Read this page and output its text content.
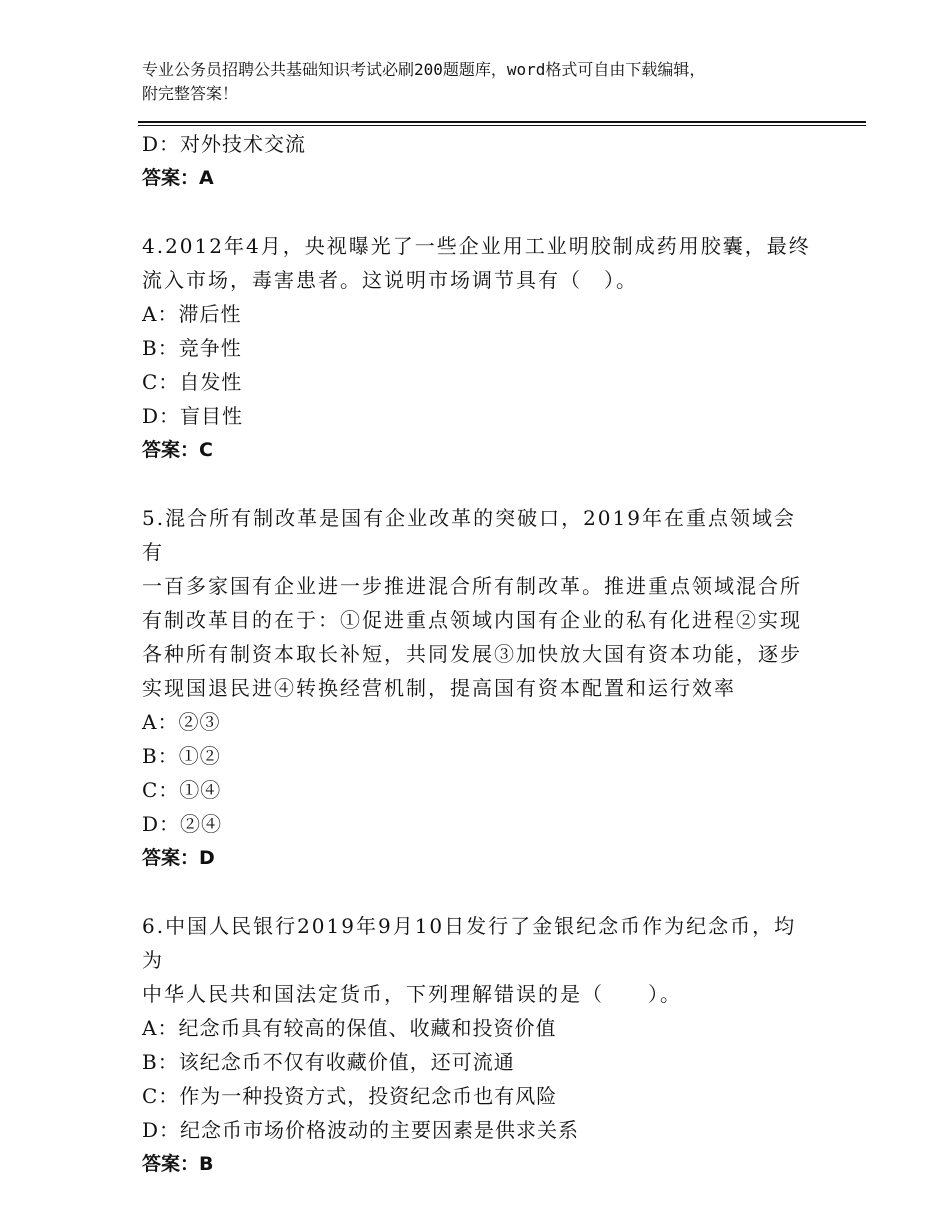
专业公务员招聘公共基础知识考试必刷200题题库，word格式可自由下载编辑，
附完整答案！

D：对外技术交流

答案：A

4.2012年4月，央视曝光了一些企业用工业明胶制成药用胶囊，最终

流入市场，毒害患者。这说明市场调节具有（　）。

A：滞后性

B：竞争性

C：自发性

D：盲目性

答案：C

5.混合所有制改革是国有企业改革的突破口，2019年在重点领域会有

一百多家国有企业进一步推进混合所有制改革。推进重点领域混合所

有制改革目的在于：①促进重点领域内国有企业的私有化进程②实现

各种所有制资本取长补短，共同发展③加快放大国有资本功能，逐步

实现国退民进④转换经营机制，提高国有资本配置和运行效率

A：②③

B：①②

C：①④

D：②④

答案：D

6.中国人民银行2019年9月10日发行了金银纪念币作为纪念币，均为

中华人民共和国法定货币，下列理解错误的是（　　）。

A：纪念币具有较高的保值、收藏和投资价值

B：该纪念币不仅有收藏价值，还可流通

C：作为一种投资方式，投资纪念币也有风险

D：纪念币市场价格波动的主要因素是供求关系

答案：B
